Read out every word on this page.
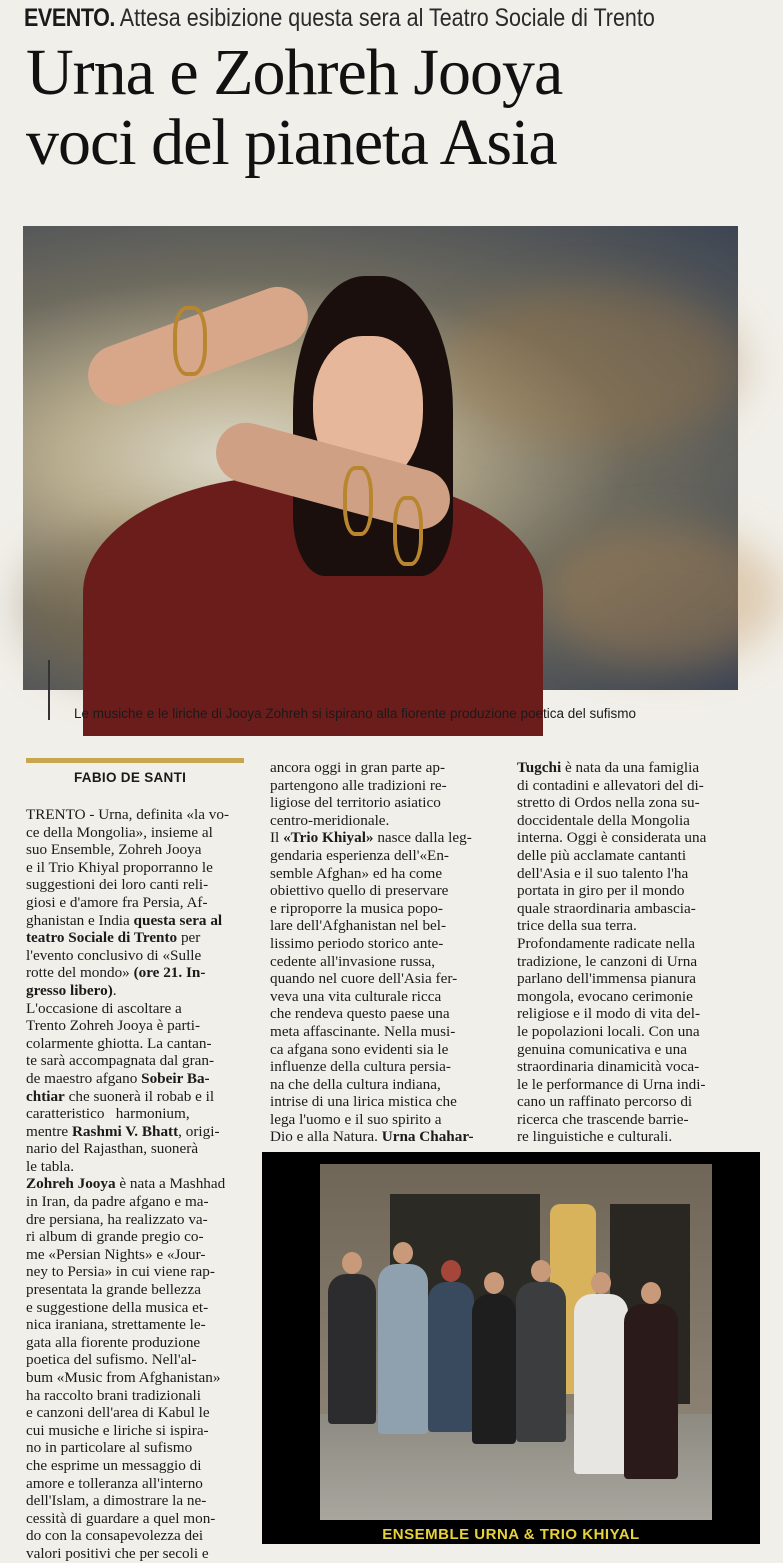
EVENTO. Attesa esibizione questa sera al Teatro Sociale di Trento
Urna e Zohreh Jooya
voci del pianeta Asia
Le musiche e le liriche di Jooya Zohreh si ispirano alla fiorente produzione poetica del sufismo
FABIO DE SANTI
TRENTO - Urna, definita «la vo-
ce della Mongolia», insieme al
suo Ensemble, Zohreh Jooya
e il Trio Khiyal proporranno le
suggestioni dei loro canti reli-
giosi e d'amore fra Persia, Af-
ghanistan e India questa sera al
teatro Sociale di Trento per
l'evento conclusivo di «Sulle
rotte del mondo» (ore 21. In-
gresso libero).
L'occasione di ascoltare a
Trento Zohreh Jooya è parti-
colarmente ghiotta. La cantan-
te sarà accompagnata dal gran-
de maestro afgano Sobeir Ba-
chtiar che suonerà il robab e il
caratteristico   harmonium,
mentre Rashmi V. Bhatt, origi-
nario del Rajasthan, suonerà
le tabla.
Zohreh Jooya è nata a Mashhad
in Iran, da padre afgano e ma-
dre persiana, ha realizzato va-
ri album di grande pregio co-
me «Persian Nights» e «Jour-
ney to Persia» in cui viene rap-
presentata la grande bellezza
e suggestione della musica et-
nica iraniana, strettamente le-
gata alla fiorente produzione
poetica del sufismo. Nell'al-
bum «Music from Afghanistan»
ha raccolto brani tradizionali
e canzoni dell'area di Kabul le
cui musiche e liriche si ispira-
no in particolare al sufismo
che esprime un messaggio di
amore e tolleranza all'interno
dell'Islam, a dimostrare la ne-
cessità di guardare a quel mon-
do con la consapevolezza dei
valori positivi che per secoli e
ancora oggi in gran parte ap-
partengono alle tradizioni re-
ligiose del territorio asiatico
centro-meridionale.
Il «Trio Khiyal» nasce dalla leg-
gendaria esperienza dell'«En-
semble Afghan» ed ha come
obiettivo quello di preservare
e riproporre la musica popo-
lare dell'Afghanistan nel bel-
lissimo periodo storico ante-
cedente all'invasione russa,
quando nel cuore dell'Asia fer-
veva una vita culturale ricca
che rendeva questo paese una
meta affascinante. Nella musi-
ca afgana sono evidenti sia le
influenze della cultura persia-
na che della cultura indiana,
intrise di una lirica mistica che
lega l'uomo e il suo spirito a
Dio e alla Natura. Urna Chahar-
Tugchi è nata da una famiglia
di contadini e allevatori del di-
stretto di Ordos nella zona su-
doccidentale della Mongolia
interna. Oggi è considerata una
delle più acclamate cantanti
dell'Asia e il suo talento l'ha
portata in giro per il mondo
quale straordinaria ambascia-
trice della sua terra.
Profondamente radicate nella
tradizione, le canzoni di Urna
parlano dell'immensa pianura
mongola, evocano cerimonie
religiose e il modo di vita del-
le popolazioni locali. Con una
genuina comunicativa e una
straordinaria dinamicità voca-
le le performance di Urna indi-
cano un raffinato percorso di
ricerca che trascende barrie-
re linguistiche e culturali.
ENSEMBLE URNA & TRIO KHIYAL
